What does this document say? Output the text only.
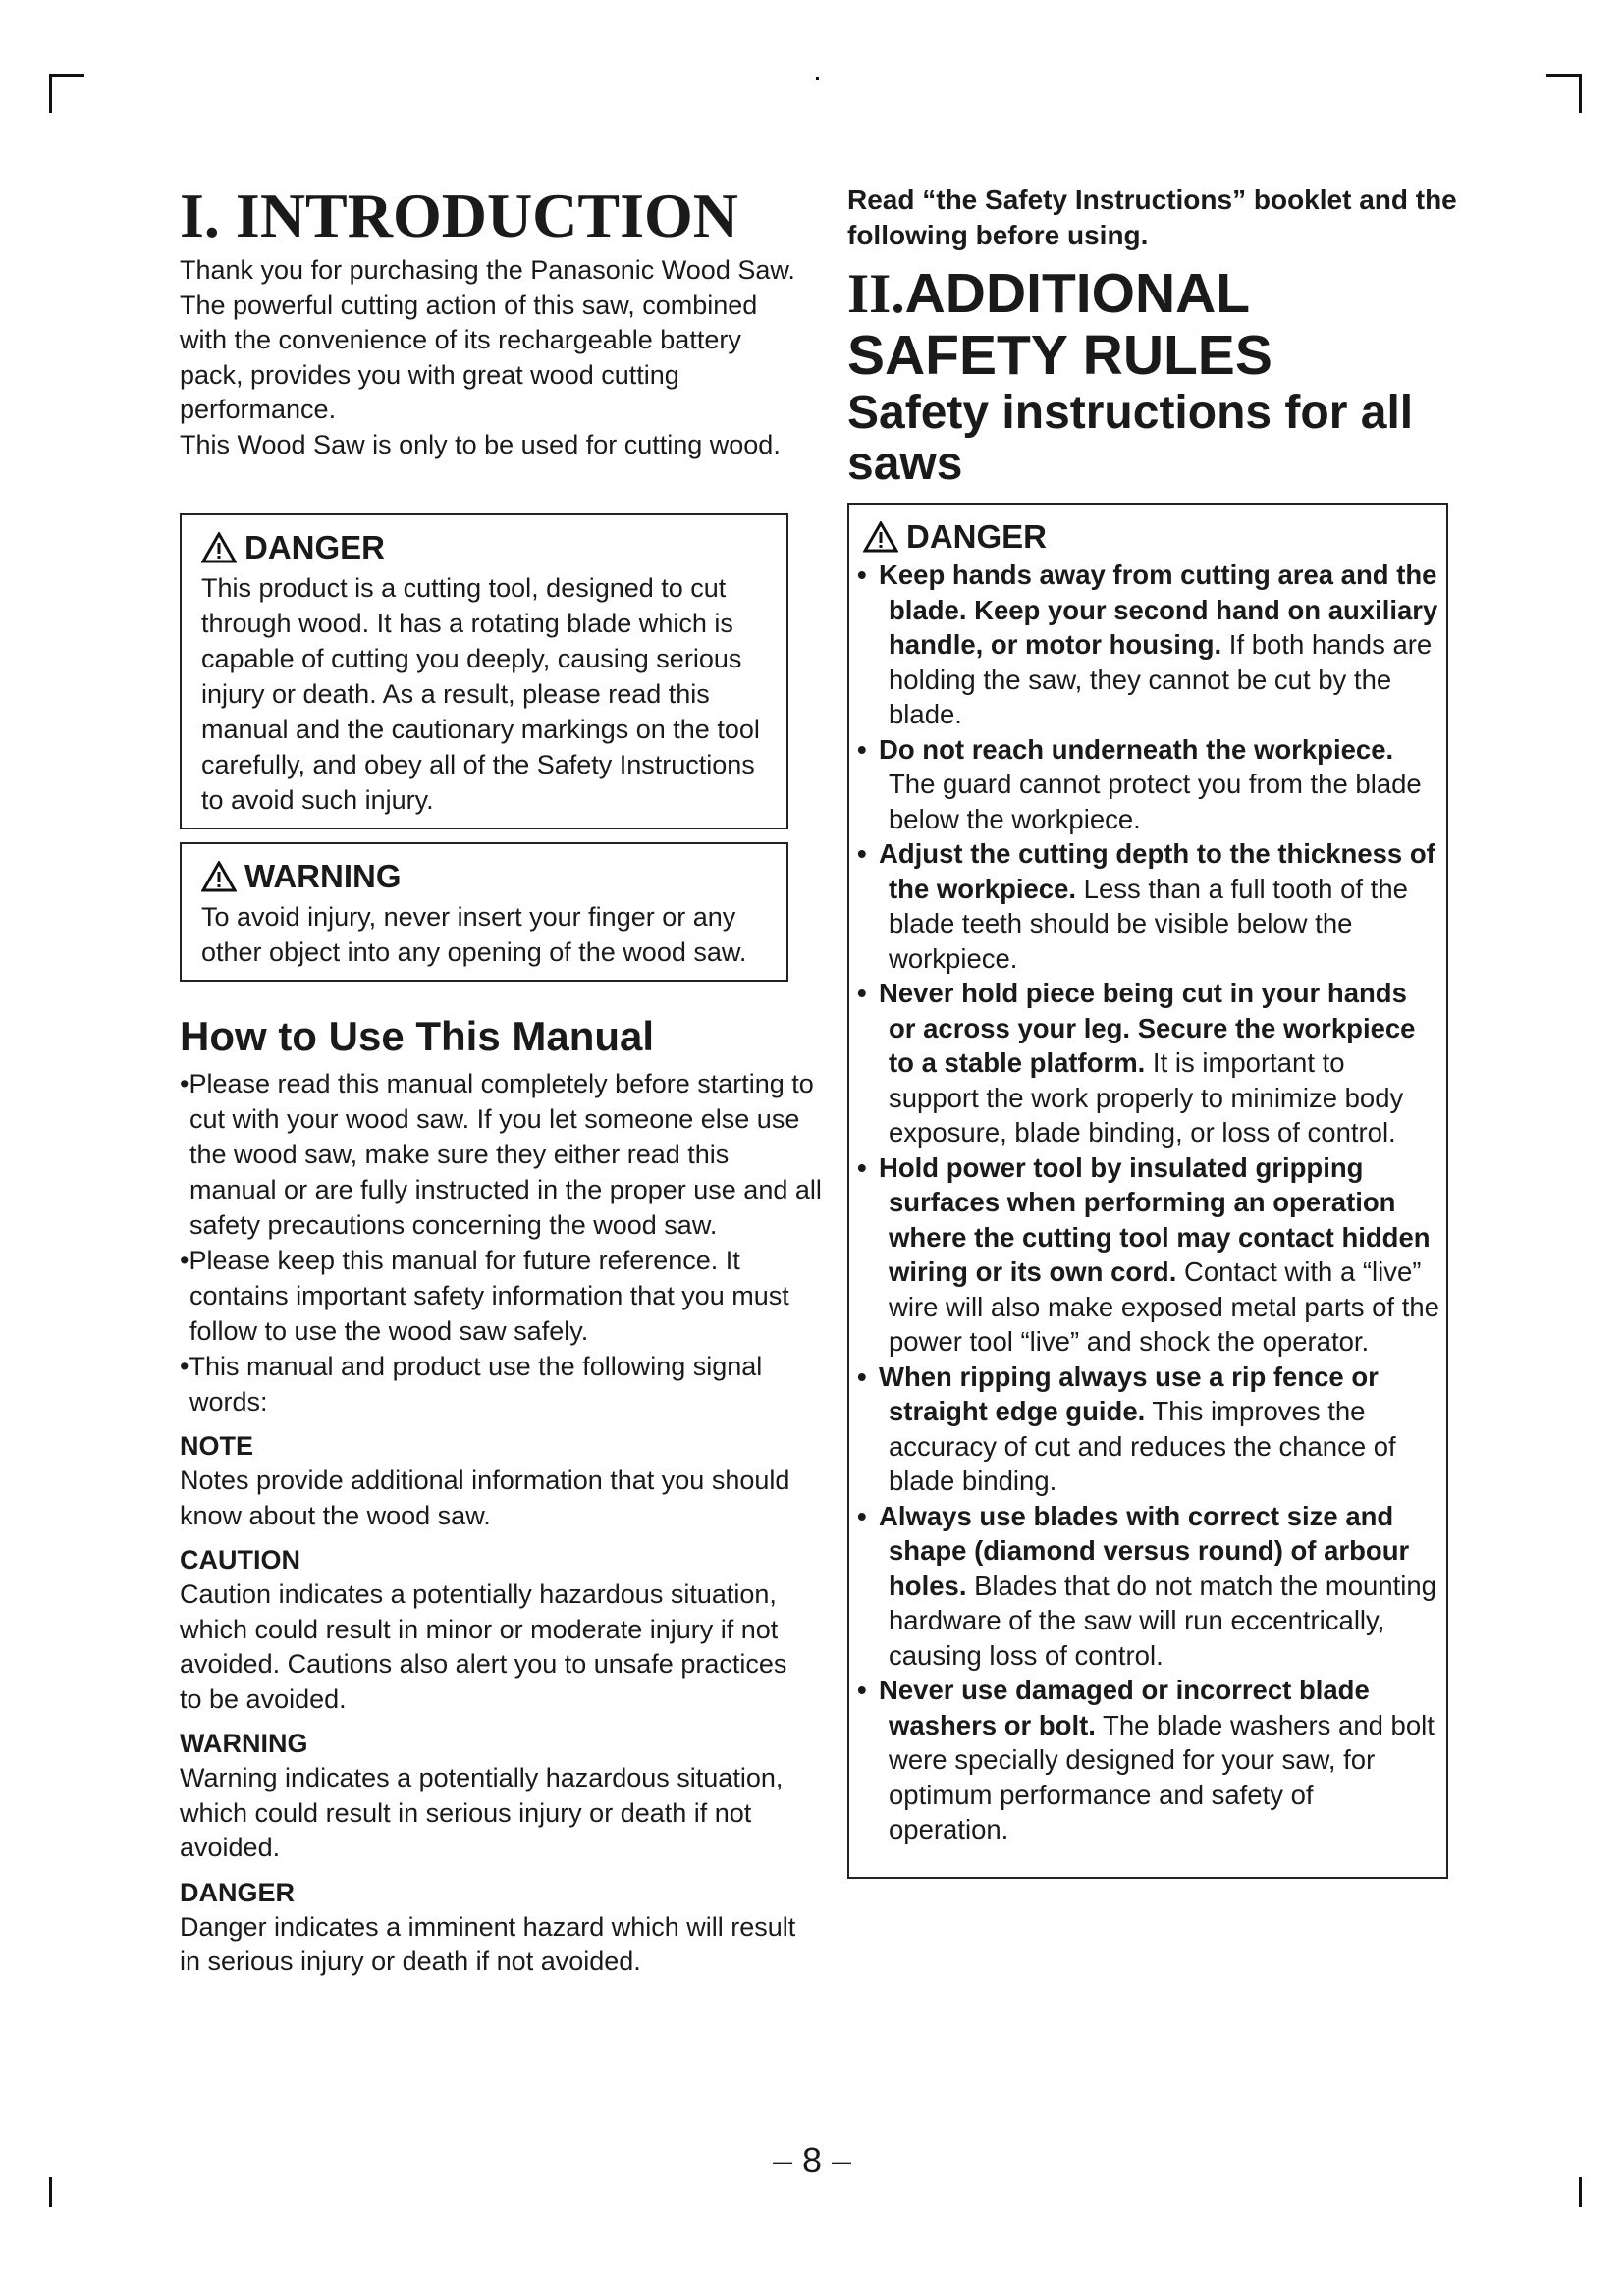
I. INTRODUCTION

Thank you for purchasing the Panasonic Wood Saw. The powerful cutting action of this saw, combined with the convenience of its rechargeable battery pack, provides you with great wood cutting performance.

This Wood Saw is only to be used for cutting wood.

DANGER

This product is a cutting tool, designed to cut through wood. It has a rotating blade which is capable of cutting you deeply, causing serious injury or death. As a result, please read this manual and the cautionary markings on the tool carefully, and obey all of the Safety Instructions to avoid such injury.

WARNING

To avoid injury, never insert your finger or any other object into any opening of the wood saw.

How to Use This Manual
•Please read this manual completely before starting to cut with your wood saw. If you let someone else use the wood saw, make sure they either read this manual or are fully instructed in the proper use and all safety precautions concerning the wood saw.
•Please keep this manual for future reference. It contains important safety information that you must follow to use the wood saw safely.
•This manual and product use the following signal words:
NOTE

Notes provide additional information that you should know about the wood saw.

CAUTION

Caution indicates a potentially hazardous situation, which could result in minor or moderate injury if not avoided. Cautions also alert you to unsafe practices to be avoided.

WARNING

Warning indicates a potentially hazardous situation, which could result in serious injury or death if not avoided.

DANGER

Danger indicates a imminent hazard which will result in serious injury or death if not avoided.

Read “the Safety Instructions” booklet and the following before using.
II.ADDITIONAL SAFETY RULES
Safety instructions for all saws
DANGER
• Keep hands away from cutting area and the blade. Keep your second hand on auxiliary handle, or motor housing. If both hands are holding the saw, they cannot be cut by the blade.
• Do not reach underneath the workpiece. The guard cannot protect you from the blade below the workpiece.
• Adjust the cutting depth to the thickness of the workpiece. Less than a full tooth of the blade teeth should be visible below the workpiece.
• Never hold piece being cut in your hands or across your leg. Secure the workpiece to a stable platform. It is important to support the work properly to minimize body exposure, blade binding, or loss of control.
• Hold power tool by insulated gripping surfaces when performing an operation where the cutting tool may contact hidden wiring or its own cord. Contact with a “live” wire will also make exposed metal parts of the power tool “live” and shock the operator.
• When ripping always use a rip fence or straight edge guide. This improves the accuracy of cut and reduces the chance of blade binding.
• Always use blades with correct size and shape (diamond versus round) of arbour holes. Blades that do not match the mounting hardware of the saw will run eccentrically, causing loss of control.
• Never use damaged or incorrect blade washers or bolt. The blade washers and bolt were specially designed for your saw, for optimum performance and safety of operation.
– 8 –
